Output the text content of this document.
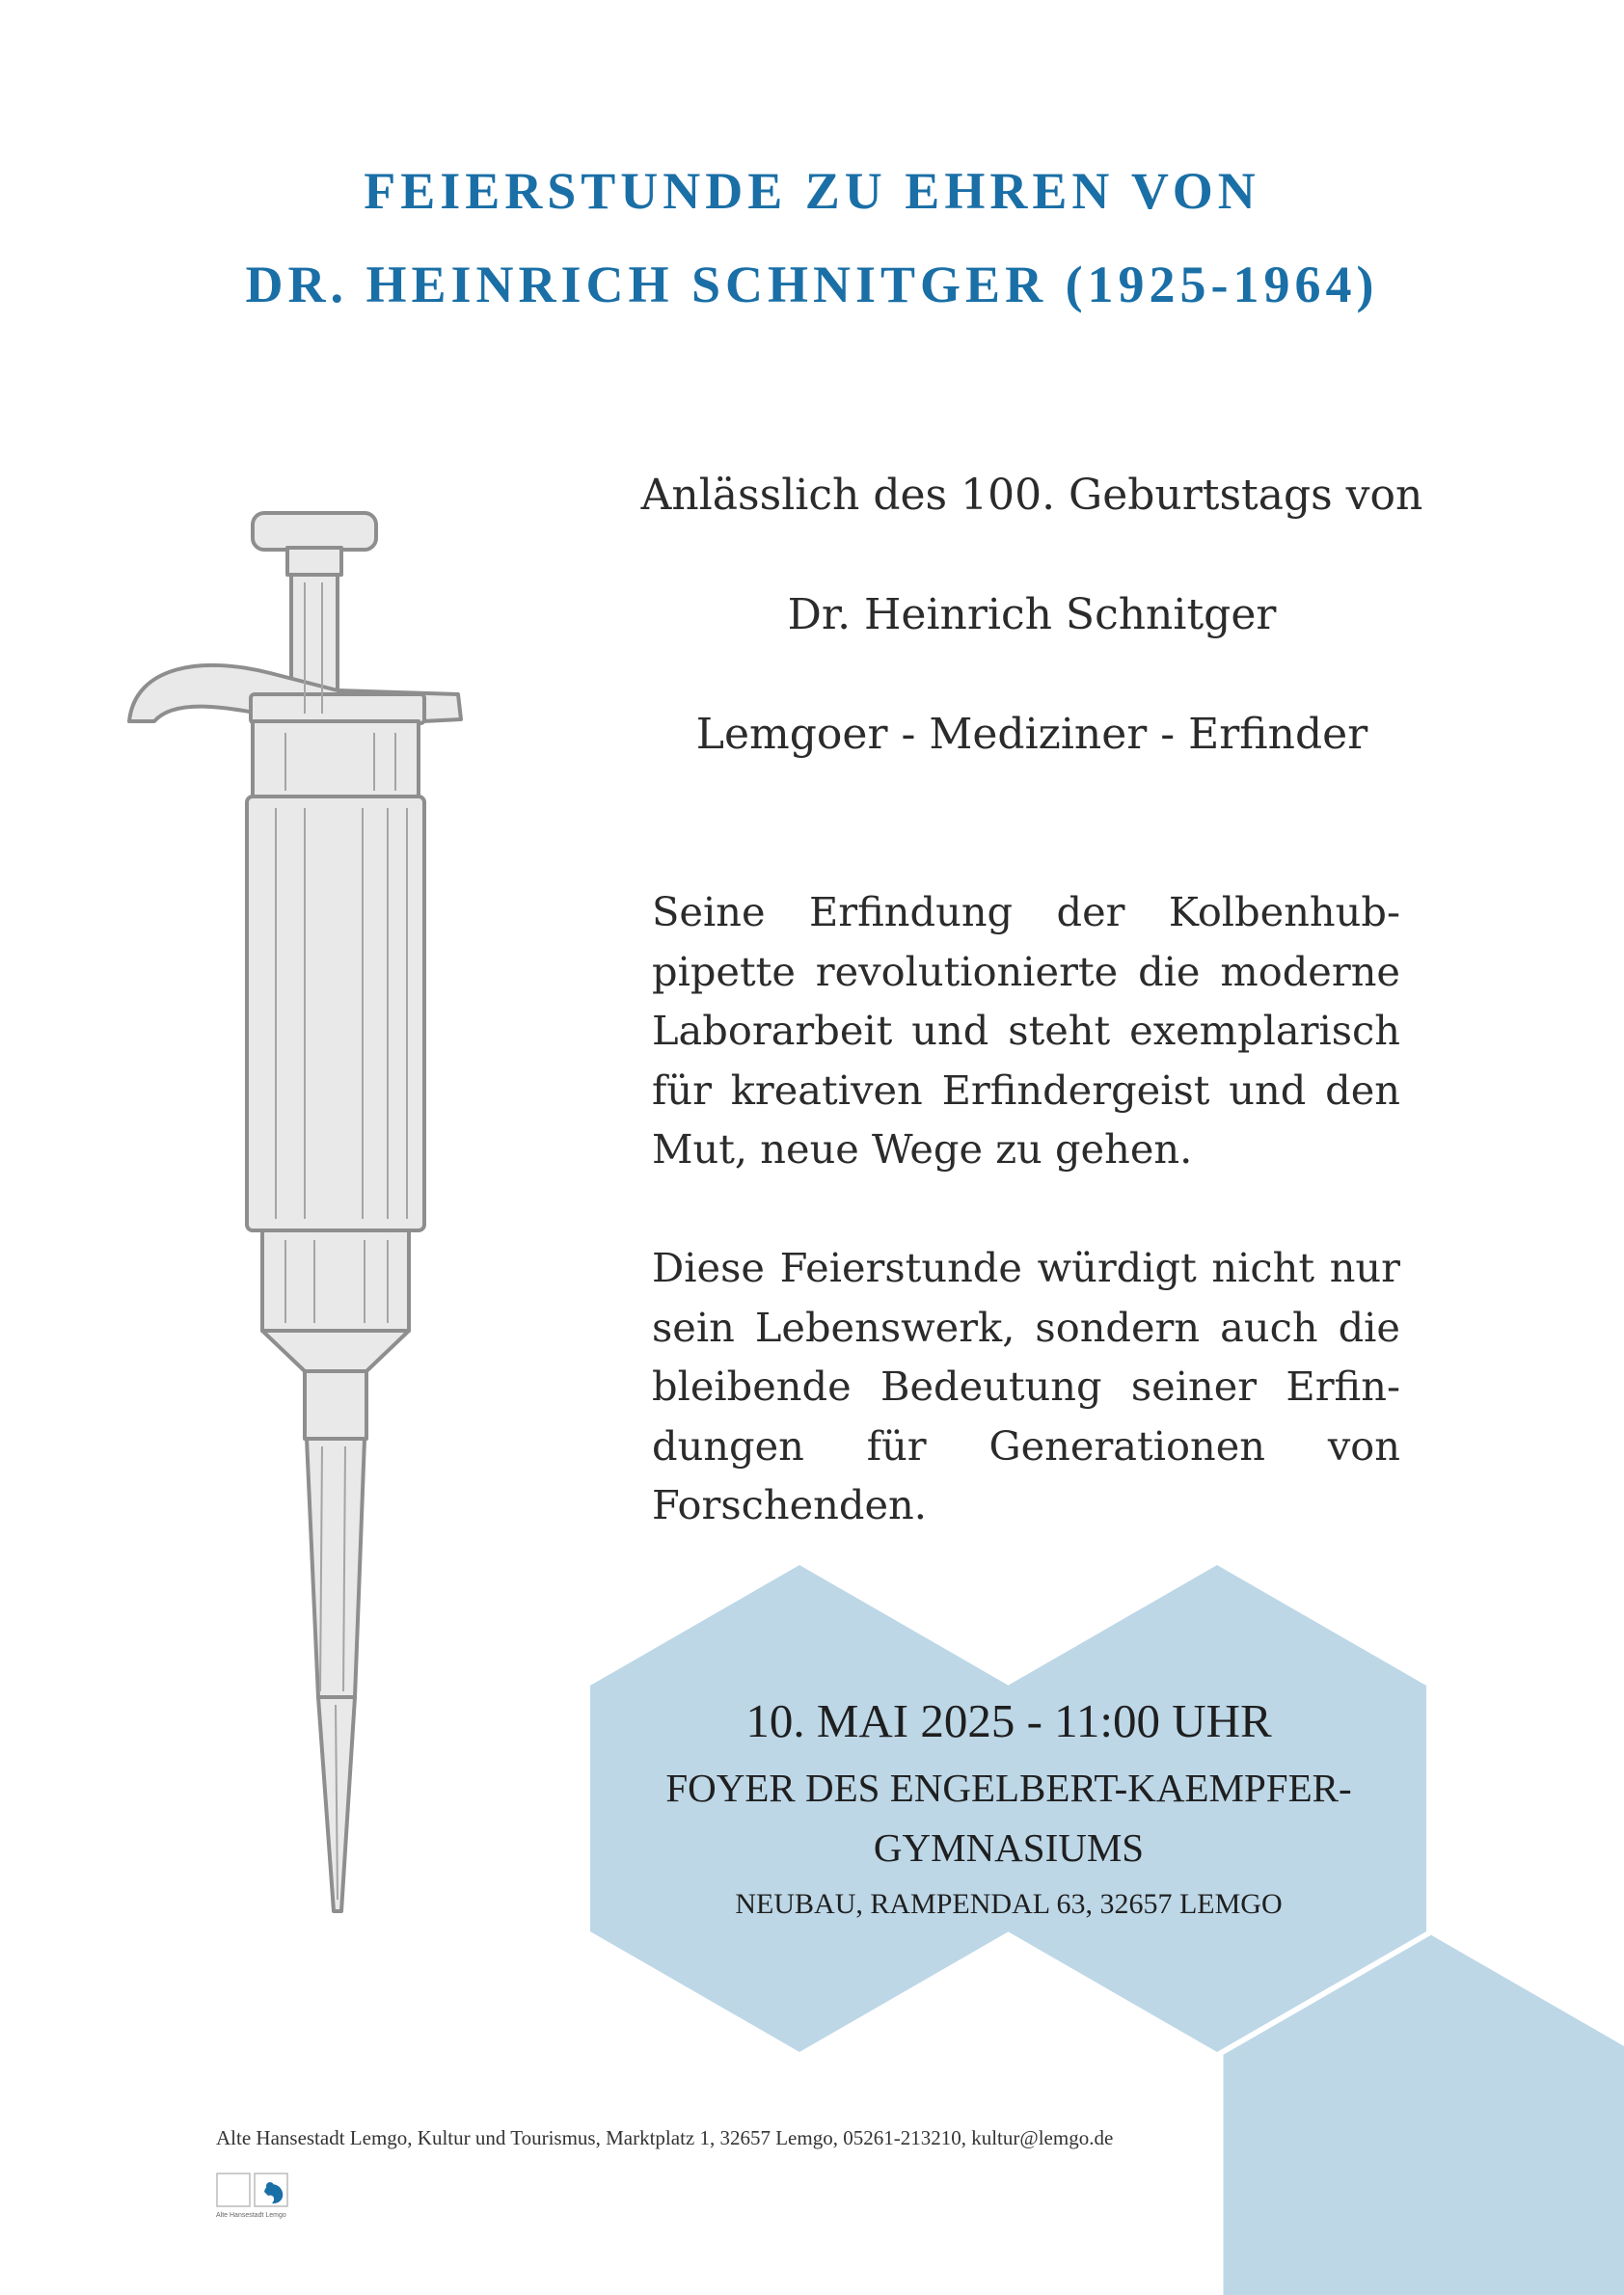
FEIERSTUNDE ZU EHREN VON
DR. HEINRICH SCHNITGER (1925-1964)

Anlässlich des 100. Geburtstags von

Dr. Heinrich Schnitger

Lemgoer - Mediziner - Erfinder

Seine Erfindung der Kolbenhubpipette revolutionierte die moderne Laborarbeit und steht exemplarisch für kreativen Erfindergeist und den Mut, neue Wege zu gehen.

Diese Feierstunde würdigt nicht nur sein Lebenswerk, sondern auch die bleibende Bedeutung seiner Erfindungen für Generationen von Forschenden.

10. MAI 2025 - 11:00 UHR

FOYER DES ENGELBERT-KAEMPFER-

GYMNASIUMS

NEUBAU, RAMPENDAL 63, 32657 LEMGO

Alte Hansestadt Lemgo, Kultur und Tourismus, Marktplatz 1, 32657 Lemgo, 05261-213210, kultur@lemgo.de

Alte Hansestadt Lemgo
